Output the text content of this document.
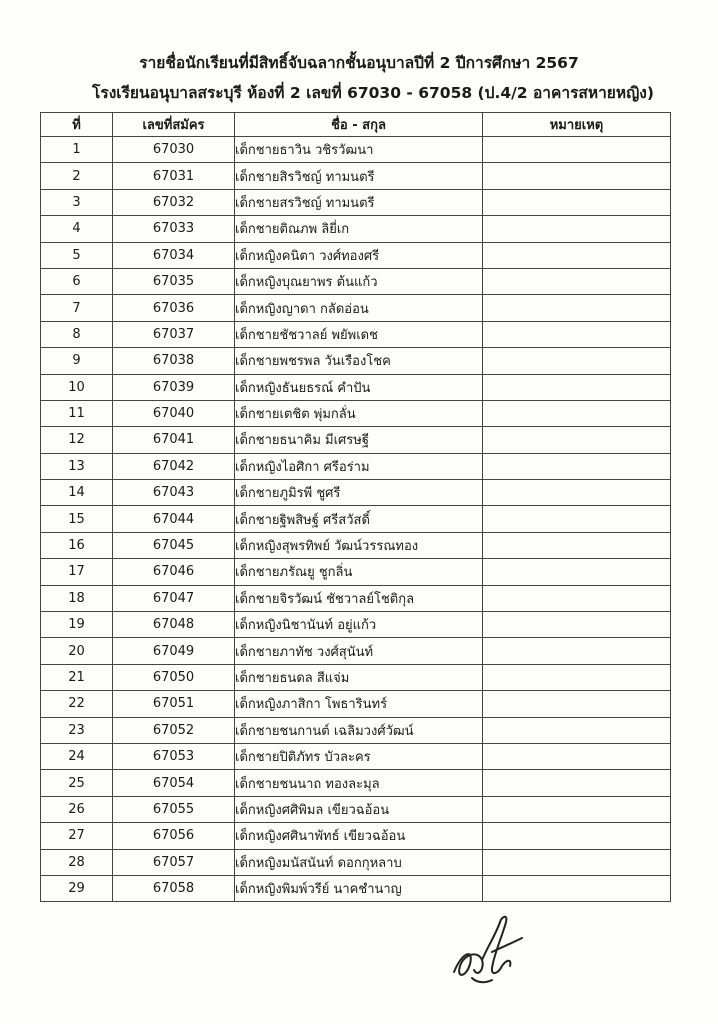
รายชื่อนักเรียนที่มีสิทธิ์จับฉลากชั้นอนุบาลปีที่ 2 ปีการศึกษา 2567
โรงเรียนอนุบาลสระบุรี ห้องที่ 2 เลขที่ 67030 - 67058 (ป.4/2 อาคารสหายหญิง)
ที่	เลขที่สมัคร	ชื่อ - สกุล	หมายเหตุ
1	67030	เด็กชายธาวิน วชิรวัฒนา	
2	67031	เด็กชายสิรวิชญ์ ทามนตรี	
3	67032	เด็กชายสรวิชญ์ ทามนตรี	
4	67033	เด็กชายติณภพ ลิยี่เก	
5	67034	เด็กหญิงคนิตา วงศ์ทองศรี	
6	67035	เด็กหญิงบุณยาพร ต้นแก้ว	
7	67036	เด็กหญิงญาดา กลัดอ่อน	
8	67037	เด็กชายชัชวาลย์ พยัพเดช	
9	67038	เด็กชายพชรพล วันเรืองโชค	
10	67039	เด็กหญิงธันยธรณ์ คำปัน	
11	67040	เด็กชายเตชิต พุ่มกลั่น	
12	67041	เด็กชายธนาคิม มีเศรษฐี	
13	67042	เด็กหญิงไอศิกา ศรีอร่าม	
14	67043	เด็กชายภูมิรพี ชูศรี	
15	67044	เด็กชายฐิพสิษฐ์ ศรีสวัสดิ์	
16	67045	เด็กหญิงสุพรทิพย์ วัฒน์วรรณทอง	
17	67046	เด็กชายภรัณยู ชูกลิ่น	
18	67047	เด็กชายจิรวัฒน์ ชัชวาลย์โชติกุล	
19	67048	เด็กหญิงนิชานันท์ อยู่แก้ว	
20	67049	เด็กชายภาทัช วงศ์สุนันท์	
21	67050	เด็กชายธนดล สีแจ่ม	
22	67051	เด็กหญิงภาสิกา โพธารินทร์	
23	67052	เด็กชายชนกานต์ เฉลิมวงศ์วัฒน์	
24	67053	เด็กชายปิติภัทร บัวละคร	
25	67054	เด็กชายชนนาถ ทองละมุล	
26	67055	เด็กหญิงศศิพิมล เขียวฉอ้อน	
27	67056	เด็กหญิงศศินาพัทธ์ เขียวฉอ้อน	
28	67057	เด็กหญิงมนัสนันท์ ดอกกุหลาบ	
29	67058	เด็กหญิงพิมพ์วรีย์ นาคชำนาญ	
